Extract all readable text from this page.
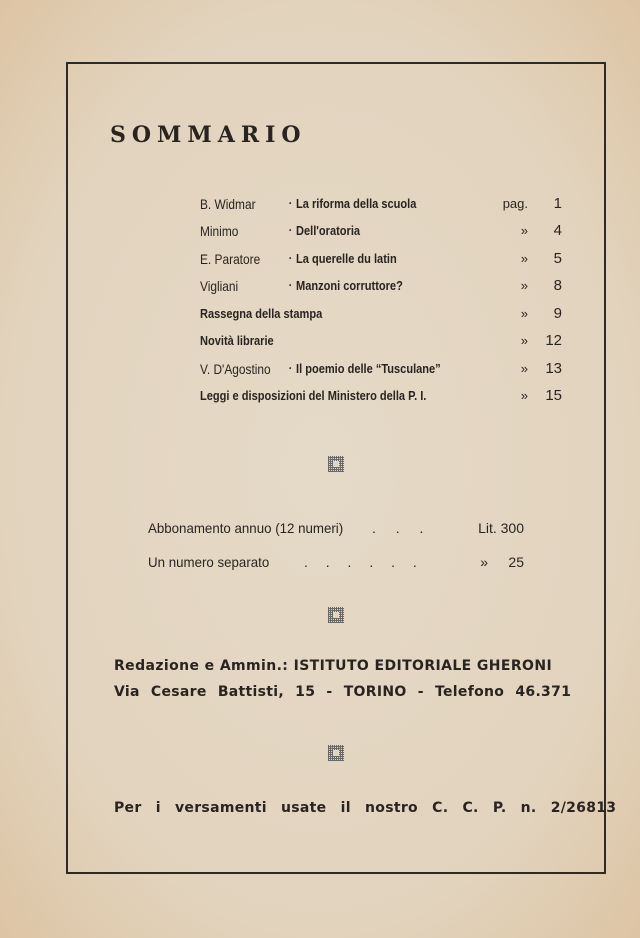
SOMMARIO
B. Widmar · La riforma della scuola	pag. 1
Minimo	· Dell'oratoria	» 4
E. Paratore · La querelle du latin	» 5
Vigliani	· Manzoni corruttore?	» 8
Rassegna della stampa	» 9
Novità librarie	» 12
V. D'Agostino · Il poemio delle “Tusculane”	» 13
Leggi e disposizioni del Ministero della P. I.	» 15
Abbonamento annuo (12 numeri) . . .	Lit. 300
Un numero separato . . . . . .	» 25
Redazione e Ammin.: ISTITUTO EDITORIALE GHERONI
Via Cesare Battisti, 15 - TORINO - Telefono 46.371
Per i versamenti usate il nostro C. C. P. n. 2/26813
